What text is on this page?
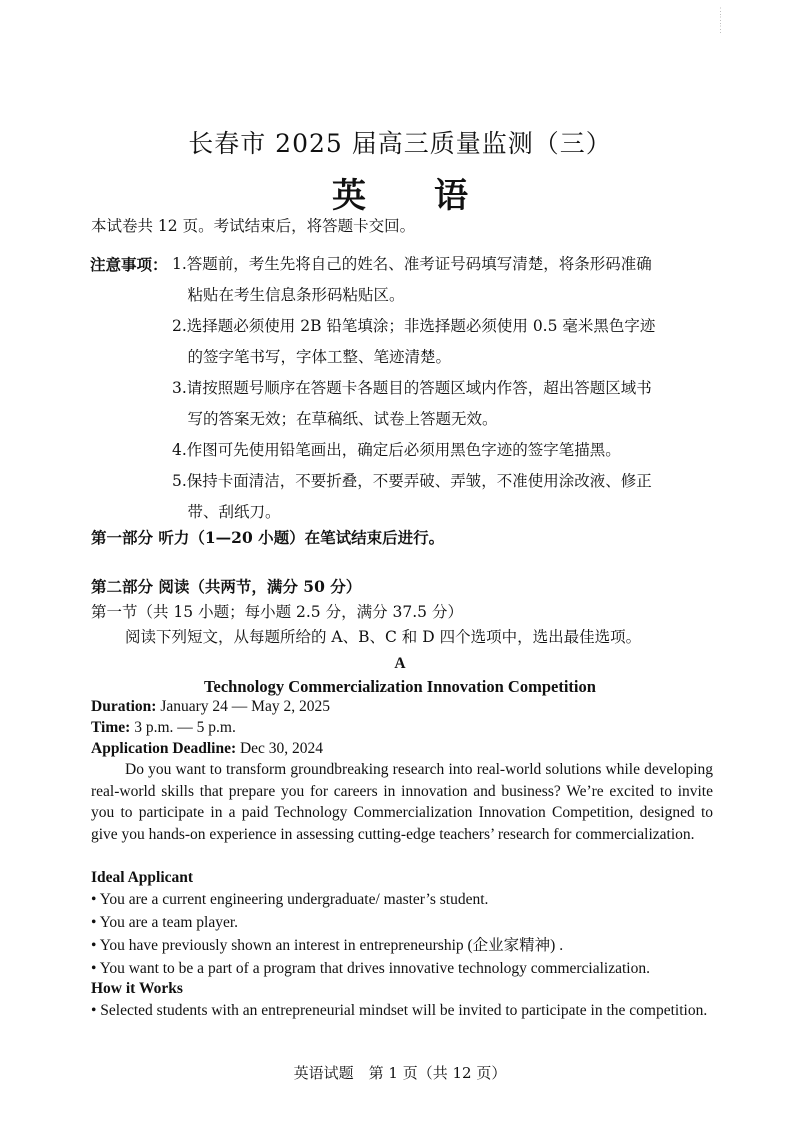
⋮
⋮
⋮
长春市 2025 届高三质量监测（三）
英　　语
本试卷共 12 页。考试结束后，将答题卡交回。
注意事项： 1.答题前，考生先将自己的姓名、准考证号码填写清楚，将条形码准确
　粘贴在考生信息条形码粘贴区。
2.选择题必须使用 2B 铅笔填涂；非选择题必须使用 0.5 毫米黑色字迹
　的签字笔书写，字体工整、笔迹清楚。
3.请按照题号顺序在答题卡各题目的答题区域内作答，超出答题区域书
　写的答案无效；在草稿纸、试卷上答题无效。
4.作图可先使用铅笔画出，确定后必须用黑色字迹的签字笔描黑。
5.保持卡面清洁，不要折叠，不要弄破、弄皱，不准使用涂改液、修正
　带、刮纸刀。
第一部分 听力（1—20 小题）在笔试结束后进行。
第二部分 阅读（共两节，满分 50 分）
第一节（共 15 小题；每小题 2.5 分，满分 37.5 分）
阅读下列短文，从每题所给的 A、B、C 和 D 四个选项中，选出最佳选项。
A
Technology Commercialization Innovation Competition
Duration: January 24 — May 2, 2025
Time: 3 p.m. — 5 p.m.
Application Deadline: Dec 30, 2024

Do you want to transform groundbreaking research into real-world solutions while developing real-world skills that prepare you for careers in innovation and business? We’re excited to invite you to participate in a paid Technology Commercialization Innovation Competition, designed to give you hands-on experience in assessing cutting-edge teachers’ research for commercialization.

Ideal Applicant
• You are a current engineering undergraduate/ master’s student.
• You are a team player.
• You have previously shown an interest in entrepreneurship (企业家精神) .
• You want to be a part of a program that drives innovative technology commercialization.
How it Works
• Selected students with an entrepreneurial mindset will be invited to participate in the competition.
英语试题　第 1 页（共 12 页）
